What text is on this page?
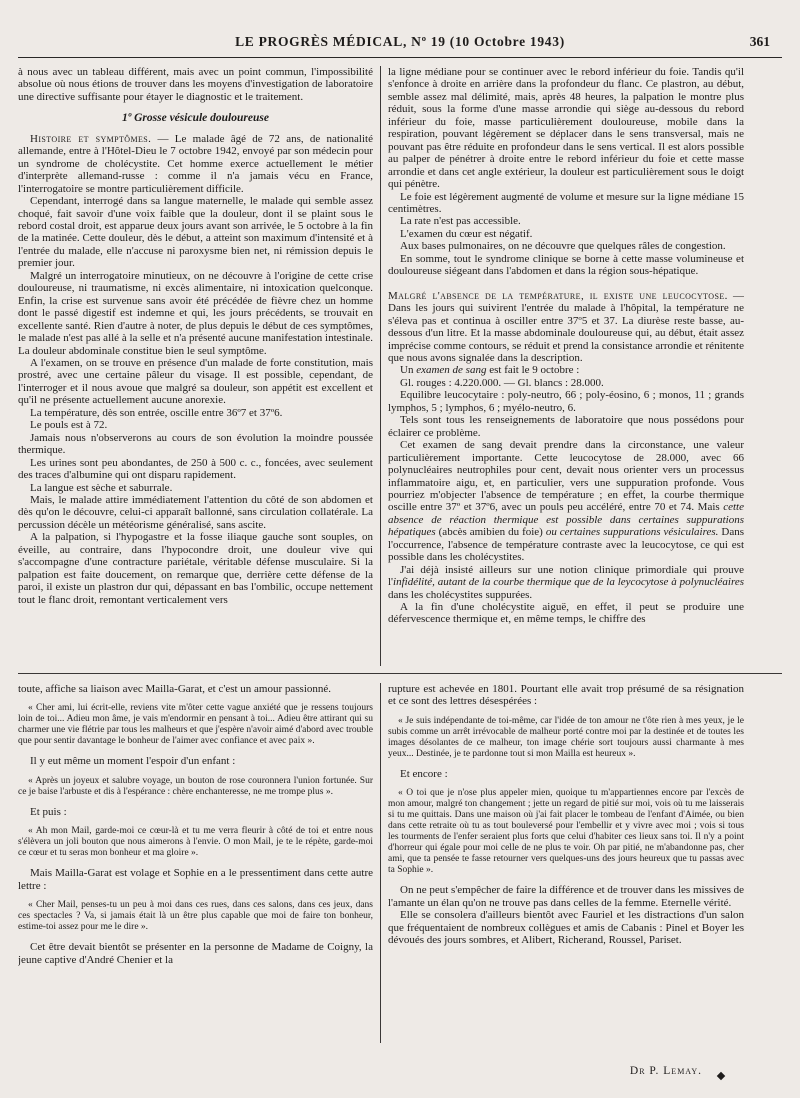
LE PROGRÈS MÉDICAL, Nº 19 (10 Octobre 1943)	361

à nous avec un tableau différent, mais avec un point commun, l'impossibilité absolue où nous étions de trouver dans les moyens d'investigation de laboratoire une directive suffisante pour étayer le diagnostic et le traitement.

1º Grosse vésicule douloureuse

Histoire et symptômes. — Le malade âgé de 72 ans, de nationalité allemande, entre à l'Hôtel-Dieu le 7 octobre 1942, envoyé par son médecin pour un syndrome de cholécystite. Cet homme exerce actuellement le métier d'interprète allemand-russe : comme il n'a jamais vécu en France, l'interrogatoire se montre particulièrement difficile.

Cependant, interrogé dans sa langue maternelle, le malade qui semble assez choqué, fait savoir d'une voix faible que la douleur, dont il se plaint sous le rebord costal droit, est apparue deux jours avant son arrivée, le 5 octobre à la fin de la matinée. Cette douleur, dès le début, a atteint son maximum d'intensité et à l'entrée du malade, elle n'accuse ni paroxysme bien net, ni rémission depuis le premier jour.

Malgré un interrogatoire minutieux, on ne découvre à l'origine de cette crise douloureuse, ni traumatisme, ni excès alimentaire, ni intoxication quelconque. Enfin, la crise est survenue sans avoir été précédée de fièvre chez un homme dont le passé digestif est indemne et qui, les jours précédents, se trouvait en excellente santé. Rien d'autre à noter, de plus depuis le début de ces symptômes, le malade n'est pas allé à la selle et n'a présenté aucune manifestation intestinale. La douleur abdominale constitue bien le seul symptôme.

A l'examen, on se trouve en présence d'un malade de forte constitution, mais prostré, avec une certaine pâleur du visage. Il est possible, cependant, de l'interroger et il nous avoue que malgré sa douleur, son appétit est excellent et qu'il ne présente actuellement aucune anorexie.

La température, dès son entrée, oscille entre 36º7 et 37º6.

Le pouls est à 72.

Jamais nous n'observerons au cours de son évolution la moindre poussée thermique.

Les urines sont peu abondantes, de 250 à 500 c. c., foncées, avec seulement des traces d'albumine qui ont disparu rapidement.

La langue est sèche et saburrale.

Mais, le malade attire immédiatement l'attention du côté de son abdomen et dès qu'on le découvre, celui-ci apparaît ballonné, sans circulation collatérale. La percussion décèle un météorisme généralisé, sans ascite.

A la palpation, si l'hypogastre et la fosse iliaque gauche sont souples, on éveille, au contraire, dans l'hypocondre droit, une douleur vive qui s'accompagne d'une contracture pariétale, véritable défense musculaire. Si la palpation est faite doucement, on remarque que, derrière cette défense de la paroi, il existe un plastron dur qui, dépassant en bas l'ombilic, occupe nettement tout le flanc droit, remontant verticalement vers

la ligne médiane pour se continuer avec le rebord inférieur du foie. Tandis qu'il s'enfonce à droite en arrière dans la profondeur du flanc. Ce plastron, au début, semble assez mal délimité, mais, après 48 heures, la palpation le montre plus réduit, sous la forme d'une masse arrondie qui siège au-dessous du rebord inférieur du foie, masse particulièrement douloureuse, mobile dans la respiration, pouvant légèrement se déplacer dans le sens transversal, mais ne pouvant pas être réduite en profondeur dans le sens vertical. Il est alors possible au palper de pénétrer à droite entre le rebord inférieur du foie et cette masse arrondie et dans cet angle extérieur, la douleur est particulièrement sous le doigt qui pénètre.

Le foie est légèrement augmenté de volume et mesure sur la ligne médiane 15 centimètres.

La rate n'est pas accessible.

L'examen du cœur est négatif.

Aux bases pulmonaires, on ne découvre que quelques râles de congestion.

En somme, tout le syndrome clinique se borne à cette masse volumineuse et douloureuse siégeant dans l'abdomen et dans la région sous-hépatique.

Malgré l'absence de la température, il existe une leucocytose. — Dans les jours qui suivirent l'entrée du malade à l'hôpital, la température ne s'éleva pas et continua à osciller entre 37º5 et 37. La diurèse reste basse, au-dessous d'un litre. Et la masse abdominale douloureuse qui, au début, était assez imprécise comme contours, se réduit et prend la consistance arrondie et rénitente que nous avons signalée dans la description.

Un examen de sang est fait le 9 octobre :

Gl. rouges : 4.220.000. — Gl. blancs : 28.000.

Equilibre leucocytaire : poly-neutro, 66 ; poly-éosino, 6 ; monos, 11 ; grands lymphos, 5 ; lymphos, 6 ; myélo-neutro, 6.

Tels sont tous les renseignements de laboratoire que nous possédons pour éclairer ce problème.

Cet examen de sang devait prendre dans la circonstance, une valeur particulièrement importante. Cette leucocytose de 28.000, avec 66 polynucléaires neutrophiles pour cent, devait nous orienter vers un processus inflammatoire aigu, et, en particulier, vers une suppuration profonde. Vous pourriez m'objecter l'absence de température ; en effet, la courbe thermique oscille entre 37º et 37º6, avec un pouls peu accéléré, entre 70 et 74. Mais cette absence de réaction thermique est possible dans certaines suppurations hépatiques (abcès amibien du foie) ou certaines suppurations vésiculaires. Dans l'occurrence, l'absence de température contraste avec la leucocytose, ce qui est possible dans les cholécystites.

J'ai déjà insisté ailleurs sur une notion clinique primordiale qui prouve l'infidélité, autant de la courbe thermique que de la leycocytose à polynucléaires dans les cholécystites suppurées.

A la fin d'une cholécystite aiguë, en effet, il peut se produire une défervescence thermique et, en même temps, le chiffre des

toute, affiche sa liaison avec Mailla-Garat, et c'est un amour passionné.

« Cher ami, lui écrit-elle, reviens vite m'ôter cette vague anxiété que je ressens toujours loin de toi... Adieu mon âme, je vais m'endormir en pensant à toi... Adieu être attirant qui su charmer une vie flétrie par tous les malheurs et que j'espère n'avoir aimé d'abord avec trouble que pour sentir davantage le bonheur de l'aimer avec confiance et avec paix ».

Il y eut même un moment l'espoir d'un enfant :

« Après un joyeux et salubre voyage, un bouton de rose couronnera l'union fortunée. Sur ce je baise l'arbuste et dis à l'espérance : chère enchanteresse, ne me trompe plus ».

Et puis :

« Ah mon Mail, garde-moi ce cœur-là et tu me verra fleurir à côté de toi et entre nous s'élèvera un joli bouton que nous aimerons à l'envie. O mon Mail, je te le répète, garde-moi ce cœur et tu seras mon bonheur et ma gloire ».

Mais Mailla-Garat est volage et Sophie en a le pressentiment dans cette autre lettre :

« Cher Mail, penses-tu un peu à moi dans ces rues, dans ces salons, dans ces jeux, dans ces spectacles ? Va, si jamais était là un être plus capable que moi de faire ton bonheur, estime-toi assez pour me le dire ».

Cet être devait bientôt se présenter en la personne de Madame de Coigny, la jeune captive d'André Chenier et la

rupture est achevée en 1801. Pourtant elle avait trop présumé de sa résignation et ce sont des lettres désespérées :

« Je suis indépendante de toi-même, car l'idée de ton amour ne t'ôte rien à mes yeux, je le subis comme un arrêt irrévocable de malheur porté contre moi par la destinée et de toutes les images désolantes de ce malheur, ton image chérie sort toujours aussi charmante à mes yeux... Destinée, je te pardonne tout si mon Mailla est heureux ».

Et encore :

« O toi que je n'ose plus appeler mien, quoique tu m'appartiennes encore par l'excès de mon amour, malgré ton changement ; jette un regard de pitié sur moi, vois où tu me laisserais si tu me quittais. Dans une maison où j'ai fait placer le tombeau de l'enfant d'Aimée, ou bien dans cette retraite où tu as tout bouleversé pour l'embellir et y vivre avec moi ; vois si tous les tourments de l'enfer seraient plus forts que celui d'habiter ces lieux sans toi. Il n'y a point d'horreur qui égale pour moi celle de ne plus te voir. Oh par pitié, ne m'abandonne pas, cher ami, que ta pensée te fasse retourner vers quelques-uns des jours heureux que tu passas avec ta Sophie ».

On ne peut s'empêcher de faire la différence et de trouver dans les missives de l'amante un élan qu'on ne trouve pas dans celles de la femme. Eternelle vérité.

Elle se consolera d'ailleurs bientôt avec Fauriel et les distractions d'un salon que fréquentaient de nombreux collègues et amis de Cabanis : Pinel et Boyer les dévoués des jours sombres, et Alibert, Richerand, Roussel, Pariset.

Dr P. Lemay.
